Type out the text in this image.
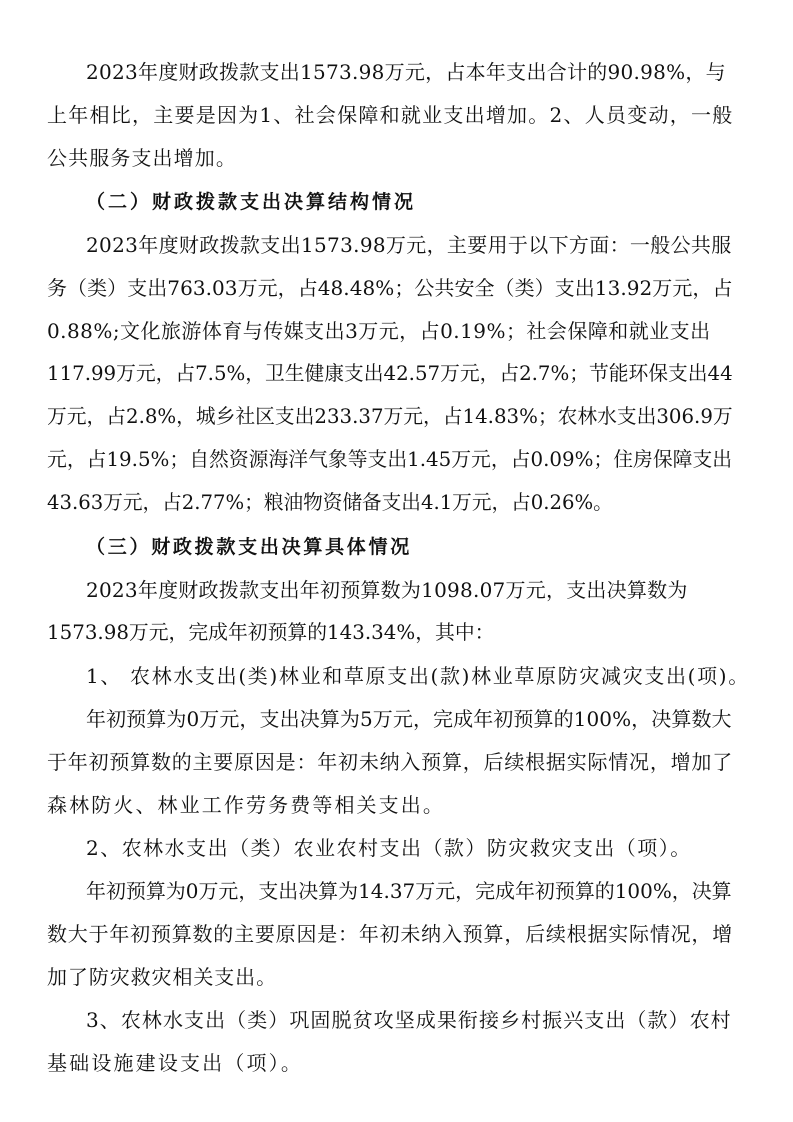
2023年度财政拨款支出1573.98万元，占本年支出合计的90.98%，与
上年相比，主要是因为1、社会保障和就业支出增加。2、人员变动，一般
公共服务支出增加。
（二）财政拨款支出决算结构情况
2023年度财政拨款支出1573.98万元，主要用于以下方面：一般公共服
务（类）支出763.03万元，占48.48%；公共安全（类）支出13.92万元，占
0.88%;文化旅游体育与传媒支出3万元，占0.19%；社会保障和就业支出
117.99万元，占7.5%，卫生健康支出42.57万元，占2.7%；节能环保支出44
万元，占2.8%，城乡社区支出233.37万元，占14.83%；农林水支出306.9万
元，占19.5%；自然资源海洋气象等支出1.45万元，占0.09%；住房保障支出
43.63万元，占2.77%；粮油物资储备支出4.1万元，占0.26%。
（三）财政拨款支出决算具体情况
2023年度财政拨款支出年初预算数为1098.07万元，支出决算数为
1573.98万元，完成年初预算的143.34%，其中：
1、 农林水支出(类)林业和草原支出(款)林业草原防灾减灾支出(项)。
年初预算为0万元，支出决算为5万元，完成年初预算的100%，决算数大
于年初预算数的主要原因是：年初未纳入预算，后续根据实际情况，增加了
森林防火、林业工作劳务费等相关支出。
2、农林水支出（类）农业农村支出（款）防灾救灾支出（项）。
年初预算为0万元，支出决算为14.37万元，完成年初预算的100%，决算
数大于年初预算数的主要原因是：年初未纳入预算，后续根据实际情况，增
加了防灾救灾相关支出。
3、农林水支出（类）巩固脱贫攻坚成果衔接乡村振兴支出（款）农村
基础设施建设支出（项）。
